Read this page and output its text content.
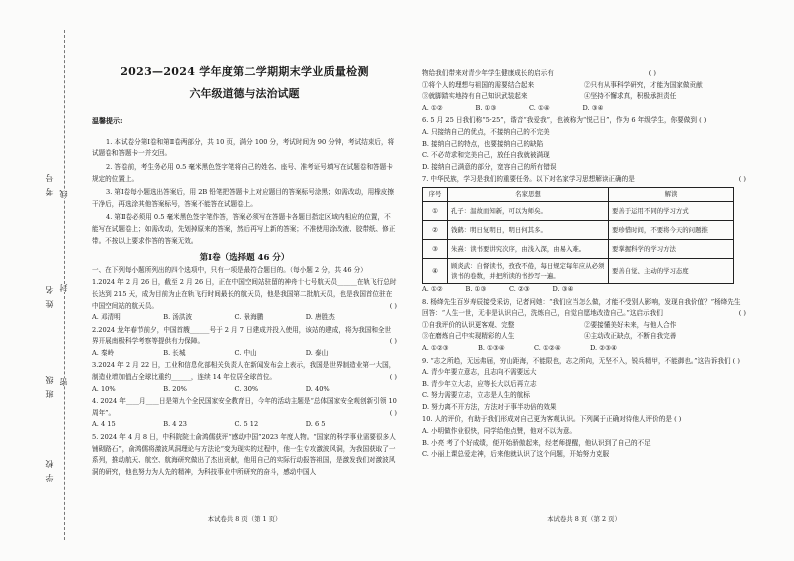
考号 线
姓名 封
班级 密
学校
2023—2024 学年度第二学期期末学业质量检测
六年级道德与法治试题
温馨提示:
1. 本试卷分第Ⅰ卷和第Ⅱ卷两部分，共 10 页，满分 100 分，考试时间为 90 分钟，考试结束后，将试题卷和答题卡一并交回。
2. 答卷前，考生务必用 0.5 毫米黑色签字笔将自己的姓名、座号、准考证号填写在试题卷和答题卡规定的位置上。
3. 第Ⅰ卷每小题选出答案后，用 2B 铅笔把答题卡上对应题目的答案标号涂黑；如需改动，用橡皮擦干净后，再选涂其他答案标号，答案不能答在试题卷上。
4. 第Ⅱ卷必须用 0.5 毫米黑色签字笔作答，答案必须写在答题卡各题目指定区域内相应的位置，不能写在试题卷上；如需改动，先划掉原来的答案，然后再写上新的答案；不准使用涂改液、胶带纸、修正带。不按以上要求作答的答案无效。
第Ⅰ卷（选择题 46 分）
一、在下列每小题所列出的四个选项中，只有一项是最符合题目的。（每小题 2 分，共 46 分）
1.2024 年 2 月 26 日，截至 2 月 26 日，正在中国空间站驻留的神舟十七号航天员______在轨飞行总时长达到 215 天，成为目前为止在轨飞行时间最长的航天员，他是我国第二批航天员，也是我国首位驻在中国空间站的航天员。	( )
A. 邓清明	B. 汤洪波	C. 景海鹏	D. 唐胜杰
2.2024 龙年春节前夕，中国首艘______号于 2 月 7 日建成并投入使用，该站的建成，将为我国和全世界开展南极科学考察等提供有力保障。	( )
A. 秦岭	B. 长城	C. 中山	D. 泰山
3.2024 年 2 月 22 日，工业和信息化部相关负责人在新闻发布会上表示，我国是世界制造业第一大国，制造业增加值占全球比重约______，连续 14 年位居全球首位。	( )
A. 10%	B. 20%	C. 30%	D. 40%
4. 2024 年____月____日是第九个全民国家安全教育日，今年的活动主题是“总体国家安全观创新引领 10 周年”。	( )
A. 4 15	B. 4 23	C. 5 12	D. 6 5
5. 2024 年 4 月 8 日，中科院院士俞鸿儒获评“感动中国”2023 年度人物。“国家的科学事业需要很多人铺砌路石”，俞鸿儒将激波风洞理论与方法论“变为现实的过程中，他一生专攻激波风洞，为我国获取了一系列，推动航天、航空、航海研究做出了杰出贡献，他用自己的实际行动报答祖国，是激发我们对激波风洞的研究，他也努力为人先的精神，为科技事业中所研究的奋斗，感动中国人
本试卷共 8 页（第 1 页）
物给我们带来对青少年学生健康成长的启示有	( )
①将个人的理想与祖国的需要结合起来	②只有从事科学研究，才能为国家做贡献
③就脚踏实地持有自己知识武装起来	④坚持不懈求真，积极承担责任
A. ①②	B. ①③	C. ①④	D. ③④
6. 5 月 25 日我们称“5·25”，谐音“我爱我”，也被称为“悦己日”，作为 6 年级学生，你要做到 ( )
A. 只接纳自己的优点，不接纳自己的不完美
B. 接纳自己的特点，也要接纳自己的缺陷
C. 不必苛求和完美自己，放任自我就被满现
D. 接纳自己满意的部分，宽容自己的所有错误
7. 中华民族，学习是我们的重要任务。以下对名家学习思想解读正确的是	( )
序号	名家思想	解读
①	孔子：温故而知新，可以为师矣。	要善于运用不同的学习方式
②	钱鹤：明日复明日，明日何其多。	要珍惜时间，不要将今天的问题推
③	朱熹：读书要讲究次序，由浅入深，由易入难。	要掌握科学的学习方法
④	顾炎武：自督读书，孜孜不倦，每日规定每年应从必须读书的卷数，并把所读的书抄写一遍。	要善自觉、主动的学习态度
A. ①②	B. ①③	C. ②③	D. ③④
8. 杨绛先生百岁寿辰接受采访，记者问她：“我们应当怎么做，才能不受别人影响，发现自我价值？”杨绛先生回答：“人生一世，无非是认识自己，洗炼自己，自觉自愿地改造自己。”这启示我们	( )
①自我评价的认识更客观、完整	②要接懂美好未来，与他人合作
③在磨炼自己中实现精彩的人生	④主动改正缺点，不断自我完善
A. ①②③	B. ①③④	C. ①②④	D. ②③④
9. “志之所趋，无远弗届，穷山距海，不能限也，志之所向，无坚不入，锐兵精甲，不能御也。”这告诉我们 ( )
A. 青少年要立意志，且志向不需要远大
B. 青少年立大志，应等长大以后再立志
C. 努力需要立志，立志是人生的航标
D. 努力离不开方法，方法对于事半功倍的效果
10. 人的评价，有助于我们形成对自己更为客观认识。下列属于正确对待他人评价的是 ( )
A. 小明做作业很快，同学给他点赞，他对不以为意。
B. 小亮 考了个好成绩，便开始骄傲起来，经老师提醒，他认识到了自己的不足
C. 小丽上课总爱走神，后来他就认识了这个问题，开始努力克服
本试卷共 8 页（第 2 页）
